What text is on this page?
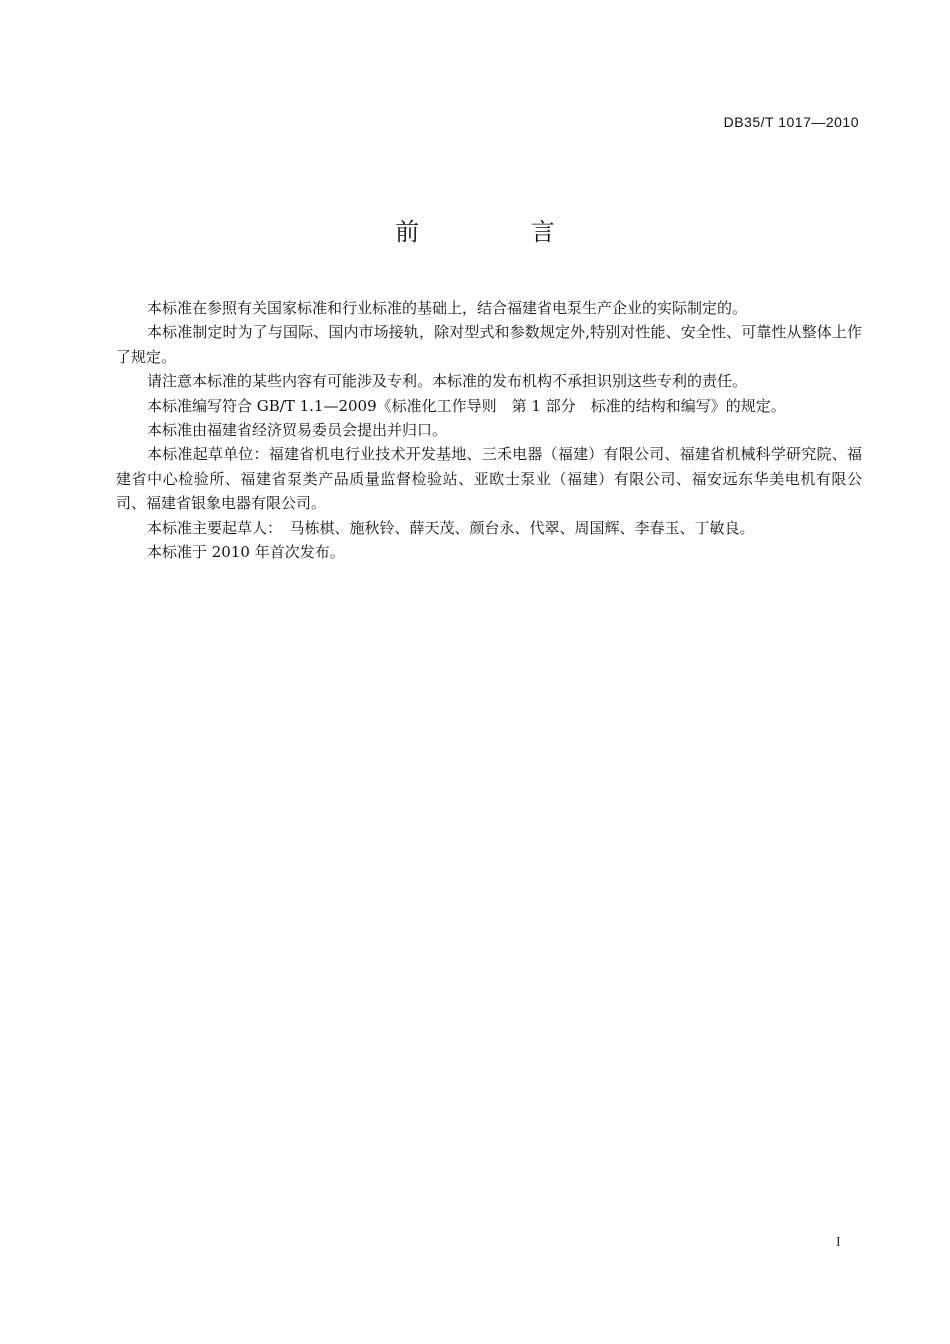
DB35/T 1017—2010
前 言

本标准在参照有关国家标准和行业标准的基础上，结合福建省电泵生产企业的实际制定的。

本标准制定时为了与国际、国内市场接轨，除对型式和参数规定外,特别对性能、安全性、可靠性从整体上作了规定。

请注意本标准的某些内容有可能涉及专利。本标准的发布机构不承担识别这些专利的责任。

本标准编写符合 GB/T 1.1—2009《标准化工作导则　第 1 部分　标准的结构和编写》的规定。

本标准由福建省经济贸易委员会提出并归口。

本标准起草单位：福建省机电行业技术开发基地、三禾电器（福建）有限公司、福建省机械科学研究院、福建省中心检验所、福建省泵类产品质量监督检验站、亚欧士泵业（福建）有限公司、福安远东华美电机有限公司、福建省银象电器有限公司。

本标准主要起草人：　马栋棋、施秋铃、薛天茂、颜台永、代翠、周国辉、李春玉、丁敏良。

本标准于 2010 年首次发布。

I
